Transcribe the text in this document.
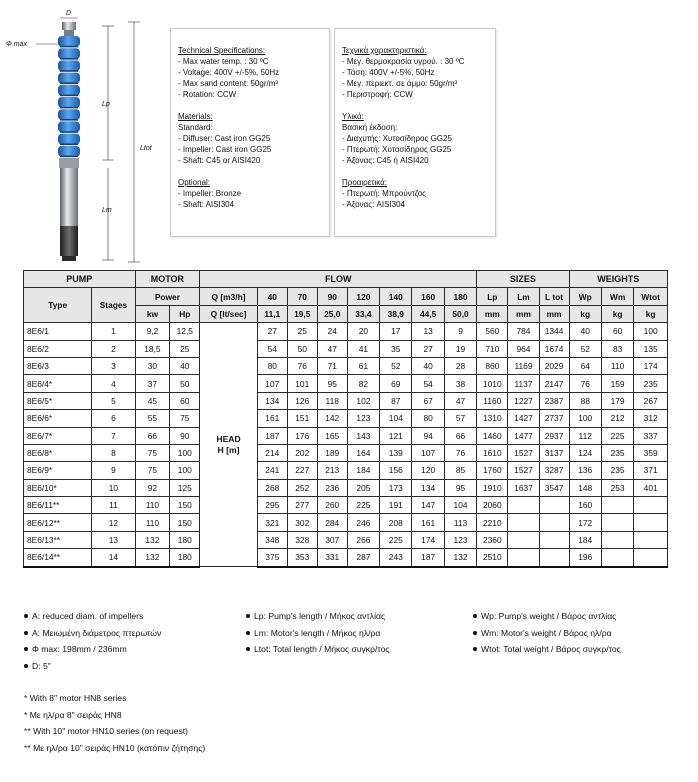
D
Φ max
Lp
Lm
Ltot
Technical Specifications:
- Max water temp. : 30 ºC
- Voltage: 400V +/-5%, 50Hz
- Max sand content: 50gr/m³
- Rotation: CCW
Materials:
Standard:
- Diffuser: Cast iron GG25
- Impeller: Cast iron GG25
- Shaft: C45 or AISI420
Optional:
- Impeller: Bronze
- Shaft: AISI304
Τεχνικά χαρακτηριστικά:
- Μεγ. θερμοκρασία υγρού. : 30 ºC
- Τάση: 400V +/-5%, 50Hz
- Μεγ. περιεκτ. σε άμμο: 50gr/m³
- Περιστροφή: CCW
Υλικά:
Βασική έκδοση:
- Διαχυτής: Χυτοσίδηρος GG25
- Πτερωτή: Χυτοσίδηρος GG25
- Άξονας: C45 ή AISI420
Προαιρετικά:
- Πτερωτή: Μπρούντζος
- Άξονας: AISI304
PUMP		MOTOR		FLOW								SIZES			WEIGHTS		
Type	Stages	Power		Q [m3/h]	40	70	90	120	140	160	180	Lp	Lm	L tot	Wp	Wm	Wtot
		kw	Hp	Q [lt/sec]	11,1	19,5	25,0	33,4	38,9	44,5	50,0	mm	mm	mm	kg	kg	kg
8E6/1	1	9,2	12,5	HEAD
H [m]	27	25	24	20	17	13	9	560	784	1344	40	60	100
8E6/2	2	18,5	25		54	50	47	41	35	27	19	710	964	1674	52	83	135
8E6/3	3	30	40		80	76	71	61	52	40	28	860	1169	2029	64	110	174
8E6/4*	4	37	50		107	101	95	82	69	54	38	1010	1137	2147	76	159	235
8E6/5*	5	45	60		134	126	118	102	87	67	47	1160	1227	2387	88	179	267
8E6/6*	6	55	75		161	151	142	123	104	80	57	1310	1427	2737	100	212	312
8E6/7*	7	66	90		187	176	165	143	121	94	66	1460	1477	2937	112	225	337
8E6/8*	8	75	100		214	202	189	164	139	107	76	1610	1527	3137	124	235	359
8E6/9*	9	75	100		241	227	213	184	156	120	85	1760	1527	3287	136	235	371
8E6/10*	10	92	125		268	252	236	205	173	134	95	1910	1637	3547	148	253	401
8E6/11**	11	110	150		295	277	260	225	191	147	104	2060			160		
8E6/12**	12	110	150		321	302	284	246	208	161	113	2210			172		
8E6/13**	13	132	180		348	328	307	266	225	174	123	2360			184		
8E6/14**	14	132	180		375	353	331	287	243	187	132	2510			196		
A: reduced diam. of impellers
A: Μειωμένη διάμετρος πτερωτών
Φ max: 198mm / 236mm
D: 5"
Lp: Pump's length / Μήκος αντλίας
Lm: Motor's length / Μήκος ηλ/ρα
Ltot: Total length / Μήκος συγκρ/τος
Wp: Pump's weight / Βάρος αντλίας
Wm: Motor's weight / Βάρος ηλ/ρα
Wtot: Total weight / Βάρος συγκρ/τος
* With 8" motor HN8 series
* Με ηλ/ρα 8" σειράς HN8
** With 10" motor HN10 series (on request)
** Με ηλ/ρα 10" σειράς HN10 (κατόπιν ζήτησης)
